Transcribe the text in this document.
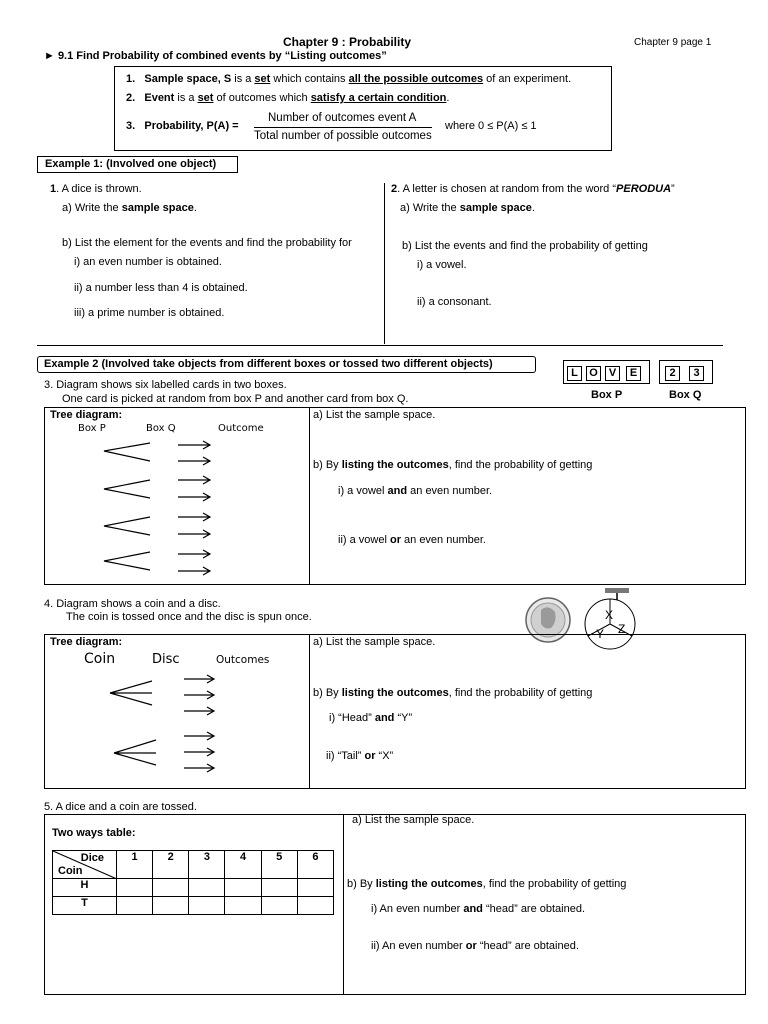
Chapter 9 : Probability	Chapter 9 page 1
► 9.1 Find Probability of combined events by “Listing outcomes”
1. Sample space, S is a set which contains all the possible outcomes of an experiment.
2. Event is a set of outcomes which satisfy a certain condition.
3. Probability, P(A) =
Number of outcomes event A
Total number of possible outcomes
where 0 ≤ P(A) ≤ 1
Example 1: (Involved one object)
1. A dice is thrown.
a) Write the sample space.
b) List the element for the events and find the probability for
i) an even number is obtained.
ii) a number less than 4 is obtained.
iii) a prime number is obtained.
2. A letter is chosen at random from the word “PERODUA”
a) Write the sample space.
b) List the events and find the probability of getting
i) a vowel.
ii) a consonant.
Example 2 (Involved take objects from different boxes or tossed two different objects)
L	O	V	E	2	3
Box P	Box Q
3. Diagram shows six labelled cards in two boxes.
One card is picked at random from box P and another card from box Q.
Tree diagram:
Box P	Box Q	Outcome
a) List the sample space.
b) By listing the outcomes, find the probability of getting
i) a vowel and an even number.
ii) a vowel or an even number.
4. Diagram shows a coin and a disc.
The coin is tossed once and the disc is spun once.	X
Y Z
Tree diagram:
Coin	Disc	Outcomes
a) List the sample space.
b) By listing the outcomes, find the probability of getting
i) “Head” and “Y”
ii) “Tail” or “X”
5. A dice and a coin are tossed.
Two ways table:
Dice
Coin	1	2	3	4	5	6
H						
T						
a) List the sample space.
b) By listing the outcomes, find the probability of getting
i) An even number and “head” are obtained.
ii) An even number or “head” are obtained.
